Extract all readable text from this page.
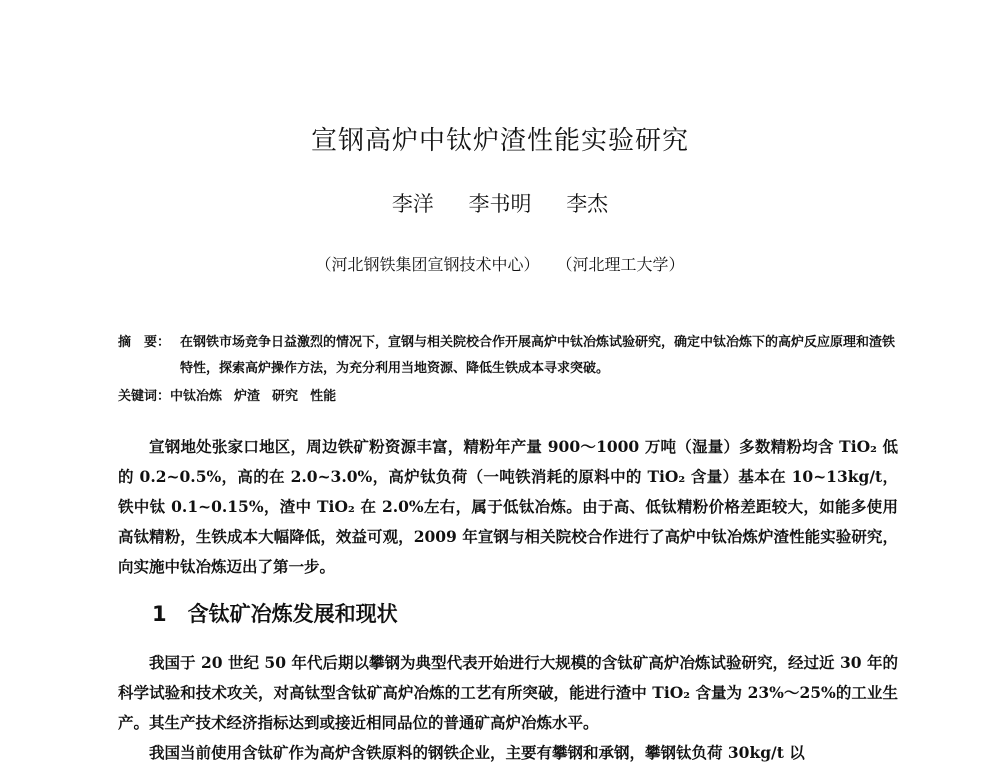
宣钢高炉中钛炉渣性能实验研究
李洋 李书明 李杰
（河北钢铁集团宣钢技术中心） （河北理工大学）
摘　要： 在钢铁市场竞争日益激烈的情况下，宣钢与相关院校合作开展高炉中钛冶炼试验研究，确定中钛冶炼下的高炉反应原理和渣铁特性，探索高炉操作方法，为充分利用当地资源、降低生铁成本寻求突破。
关键词：中钛冶炼 炉渣 研究 性能

宣钢地处张家口地区，周边铁矿粉资源丰富，精粉年产量 900～1000 万吨（湿量）多数精粉均含 TiO₂ 低的 0.2~0.5%，高的在 2.0~3.0%，高炉钛负荷（一吨铁消耗的原料中的 TiO₂ 含量）基本在 10~13kg/t，铁中钛 0.1~0.15%，渣中 TiO₂ 在 2.0%左右，属于低钛冶炼。由于高、低钛精粉价格差距较大，如能多使用高钛精粉，生铁成本大幅降低，效益可观，2009 年宣钢与相关院校合作进行了高炉中钛冶炼炉渣性能实验研究，向实施中钛冶炼迈出了第一步。

1　含钛矿冶炼发展和现状

我国于 20 世纪 50 年代后期以攀钢为典型代表开始进行大规模的含钛矿高炉冶炼试验研究，经过近 30 年的科学试验和技术攻关，对高钛型含钛矿高炉冶炼的工艺有所突破，能进行渣中 TiO₂ 含量为 23%～25%的工业生产。其生产技术经济指标达到或接近相同品位的普通矿高炉冶炼水平。

我国当前使用含钛矿作为高炉含铁原料的钢铁企业，主要有攀钢和承钢，攀钢钛负荷 30kg/t 以
